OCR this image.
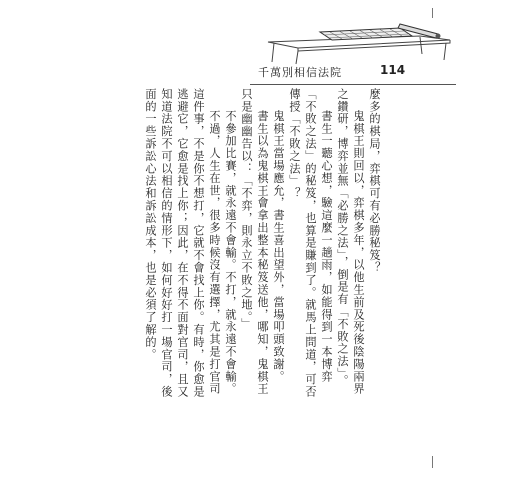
千萬別相信法院	114

麼多的棋局，弈棋可有必勝秘笈？

鬼棋王則回以，弈棋多年，以他生前及死後陰陽兩界之鑽研，博弈並無「必勝之法」，倒是有「不敗之法」。

書生一聽心想，驗這麼一趟雨，如能得到一本博弈「不敗之法」的秘笈，也算是賺到了。就馬上問道，可否傳授「不敗之法」？

鬼棋王當場應允，書生喜出望外，當場叩頭致謝。

書生以為鬼棋王會拿出整本秘笈送他，哪知，鬼棋王只是幽幽告以：「不弈，則永立不敗之地。」

不參加比賽，就永遠不會輸。不打，就永遠不會輸。

不過，人生在世，很多時候沒有選擇，尤其是打官司這件事，不是你不想打，它就不會找上你。有時，你愈是逃避它，它愈是找上你；因此，在不得不面對官司，且又知道法院不可以相信的情形下，如何好好打一場官司，後面的一些訴訟心法和訴訟成本，也是必須了解的。
